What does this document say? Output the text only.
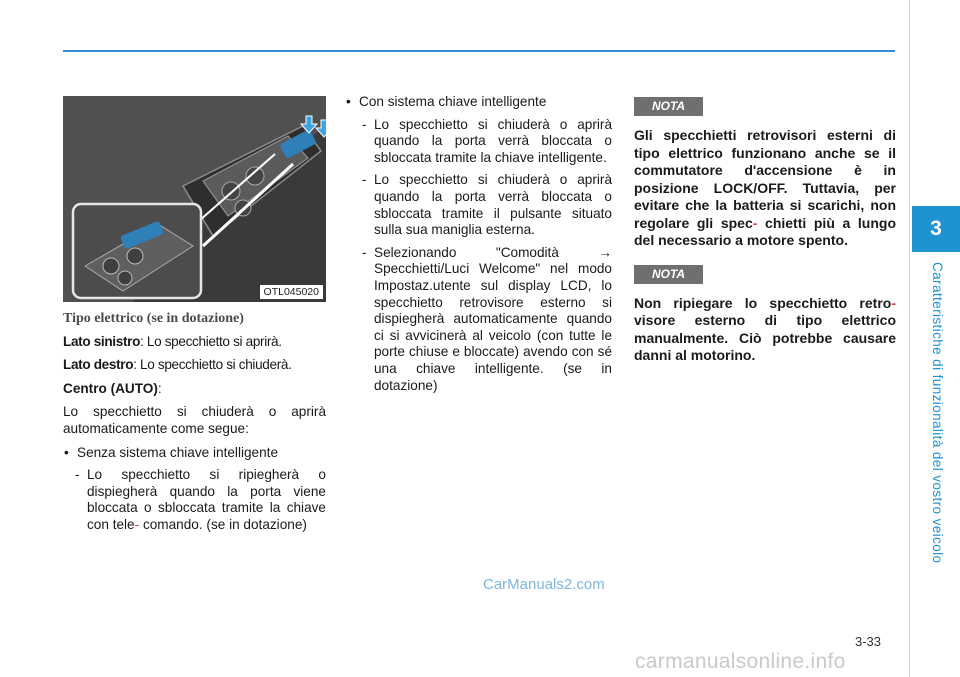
3
Caratteristiche di funzionalità del vostro veicolo
OTL045020
Tipo elettrico (se in dotazione)

Lato sinistro: Lo specchietto si aprirà.

Lato destro: Lo specchietto si chiuderà.

Centro (AUTO):

Lo specchietto si chiuderà o aprirà automaticamente come segue:

• Senza sistema chiave intelligente
- Lo specchietto si ripiegherà o dispiegherà quando la porta viene bloccata o sbloccata tramite la chiave con tele- comando. (se in dotazione)
• Con sistema chiave intelligente
- Lo specchietto si chiuderà o aprirà quando la porta verrà bloccata o sbloccata tramite la chiave intelligente.
- Lo specchietto si chiuderà o aprirà quando la porta verrà bloccata o sbloccata tramite il pulsante situato sulla sua maniglia esterna.
- Selezionando "Comodità	→ Specchietti/Luci Welcome" nel modo Impostaz.utente sul display LCD, lo specchietto retrovisore esterno si dispiegherà automaticamente quando ci si avvicinerà al veicolo (con tutte le porte chiuse e bloccate) avendo con sé una chiave intelligente. (se in dotazione)
NOTA
Gli specchietti retrovisori esterni di tipo elettrico funzionano anche se il commutatore d'accensione è in posizione LOCK/OFF. Tuttavia, per evitare che la batteria si scarichi, non regolare gli spec- chietti più a lungo del necessario a motore spento.
NOTA
Non ripiegare lo specchietto retro- visore esterno di tipo elettrico manualmente. Ciò potrebbe causare danni al motorino.
3-33
CarManuals2.com
carmanualsonline.info
